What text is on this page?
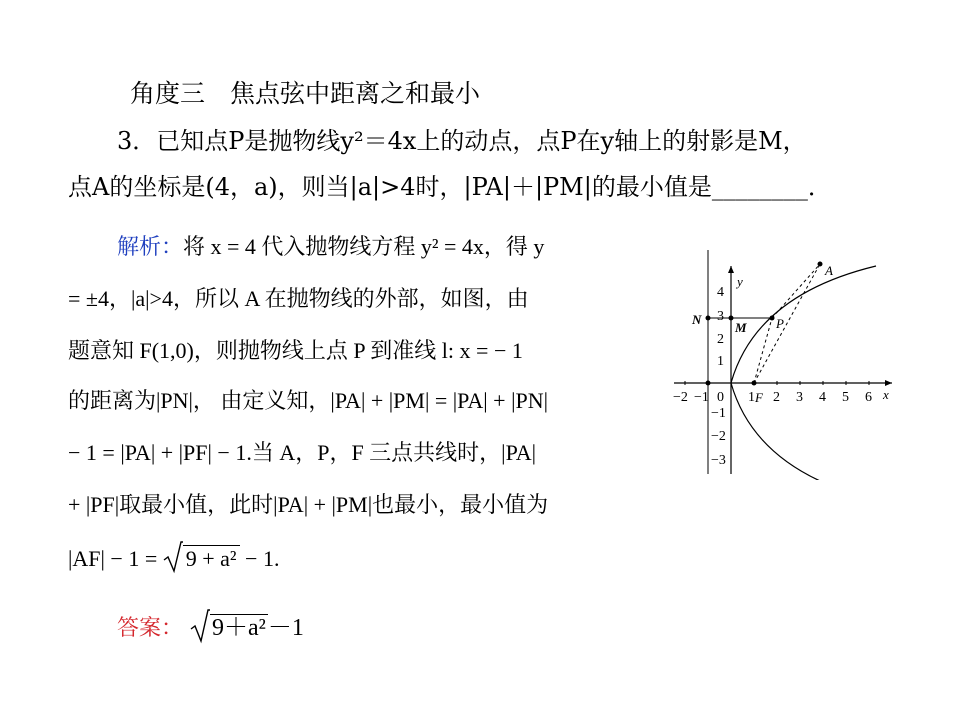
角度三　焦点弦中距离之和最小
3．已知点P是抛物线y²＝4x上的动点，点P在y轴上的射影是M，
点A的坐标是(4，a)，则当|a|>4时，|PA|＋|PM|的最小值是________．
解析：将 x = 4 代入抛物线方程 y² = 4x，得 y
= ±4，|a|>4，所以 A 在抛物线的外部，如图，由
题意知 F(1,0)，则抛物线上点 P 到准线 l: x = − 1
的距离为|PN|， 由定义知，|PA| + |PM| = |PA| + |PN|
− 1 = |PA| + |PF| − 1.当 A，P，F 三点共线时，|PA|
+ |PF|取最小值，此时|PA| + |PM|也最小，最小值为
|AF| − 1 = 9 + a² − 1.
答案： 9＋a²－1
A
P
M
N
F	x
y
−2 −1 0 1 2 3 4 5 6
1
2
3
4
−1
−2
−3
